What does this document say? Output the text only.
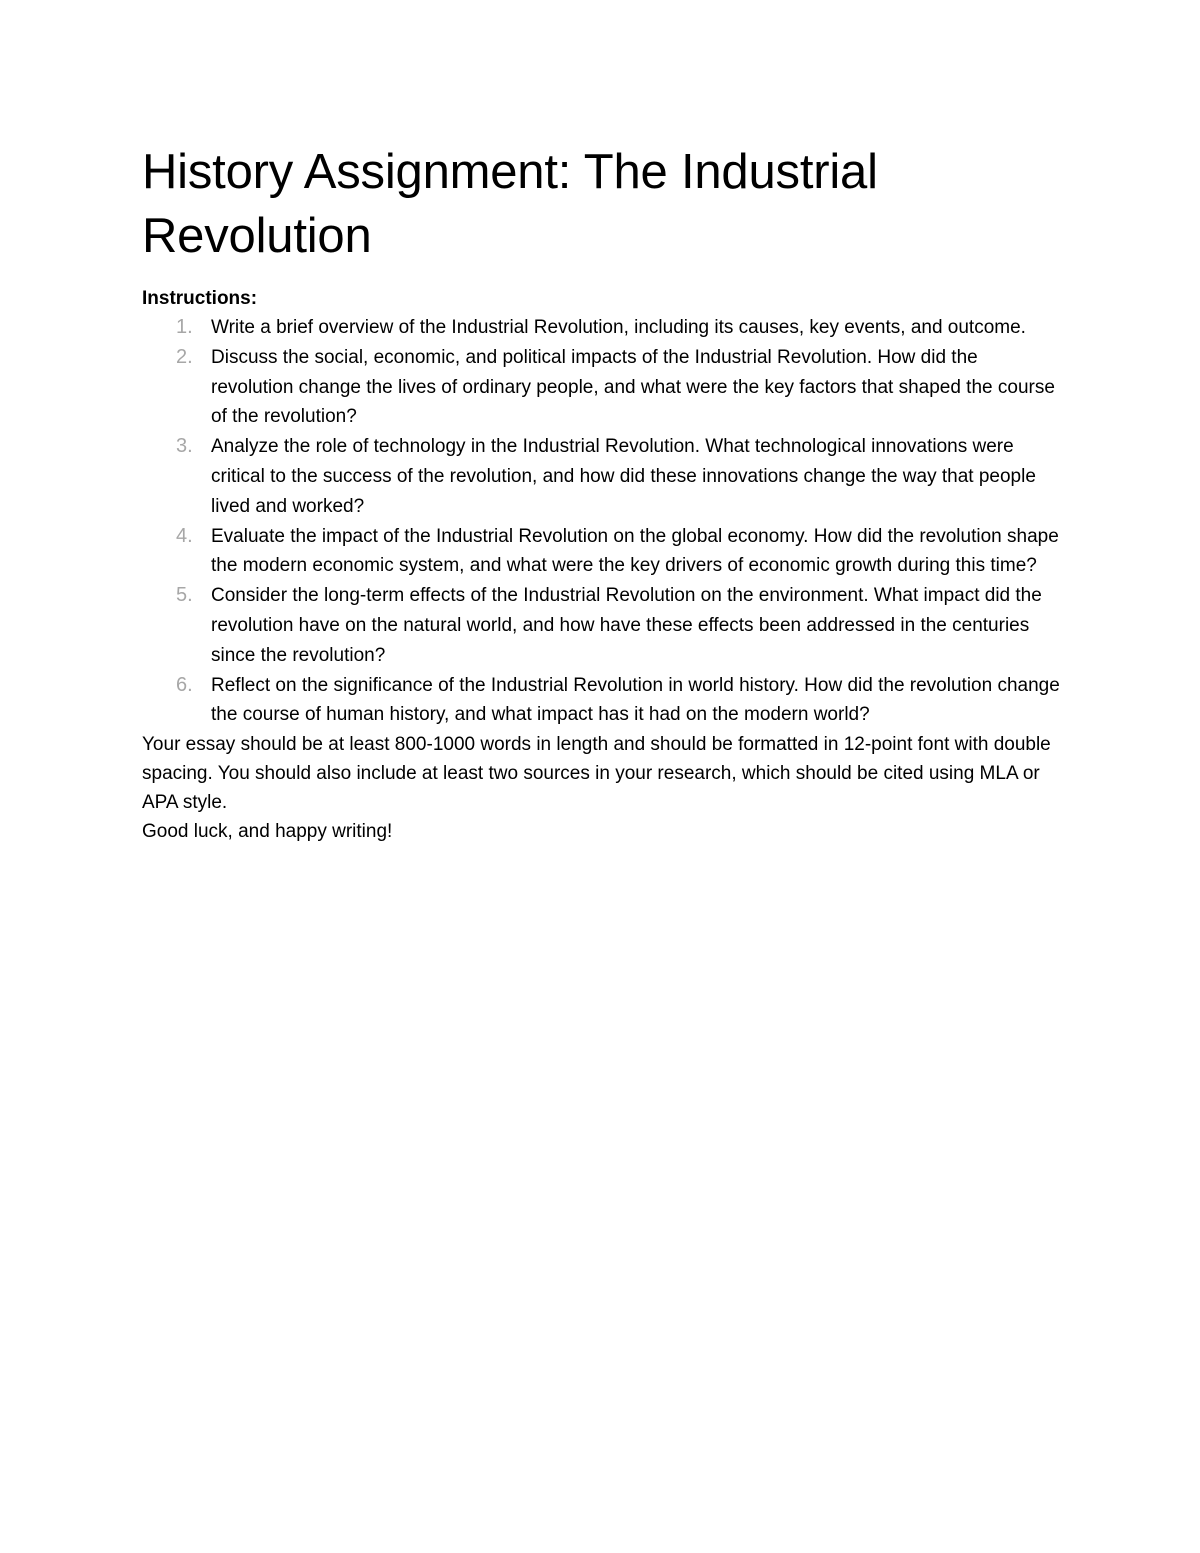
History Assignment: The Industrial Revolution

Instructions:

1. Write a brief overview of the Industrial Revolution, including its causes, key events, and outcome.
2. Discuss the social, economic, and political impacts of the Industrial Revolution. How did the revolution change the lives of ordinary people, and what were the key factors that shaped the course of the revolution?
3. Analyze the role of technology in the Industrial Revolution. What technological innovations were critical to the success of the revolution, and how did these innovations change the way that people lived and worked?
4. Evaluate the impact of the Industrial Revolution on the global economy. How did the revolution shape the modern economic system, and what were the key drivers of economic growth during this time?
5. Consider the long-term effects of the Industrial Revolution on the environment. What impact did the revolution have on the natural world, and how have these effects been addressed in the centuries since the revolution?
6. Reflect on the significance of the Industrial Revolution in world history. How did the revolution change the course of human history, and what impact has it had on the modern world?

Your essay should be at least 800-1000 words in length and should be formatted in 12-point font with double spacing. You should also include at least two sources in your research, which should be cited using MLA or APA style.

Good luck, and happy writing!
